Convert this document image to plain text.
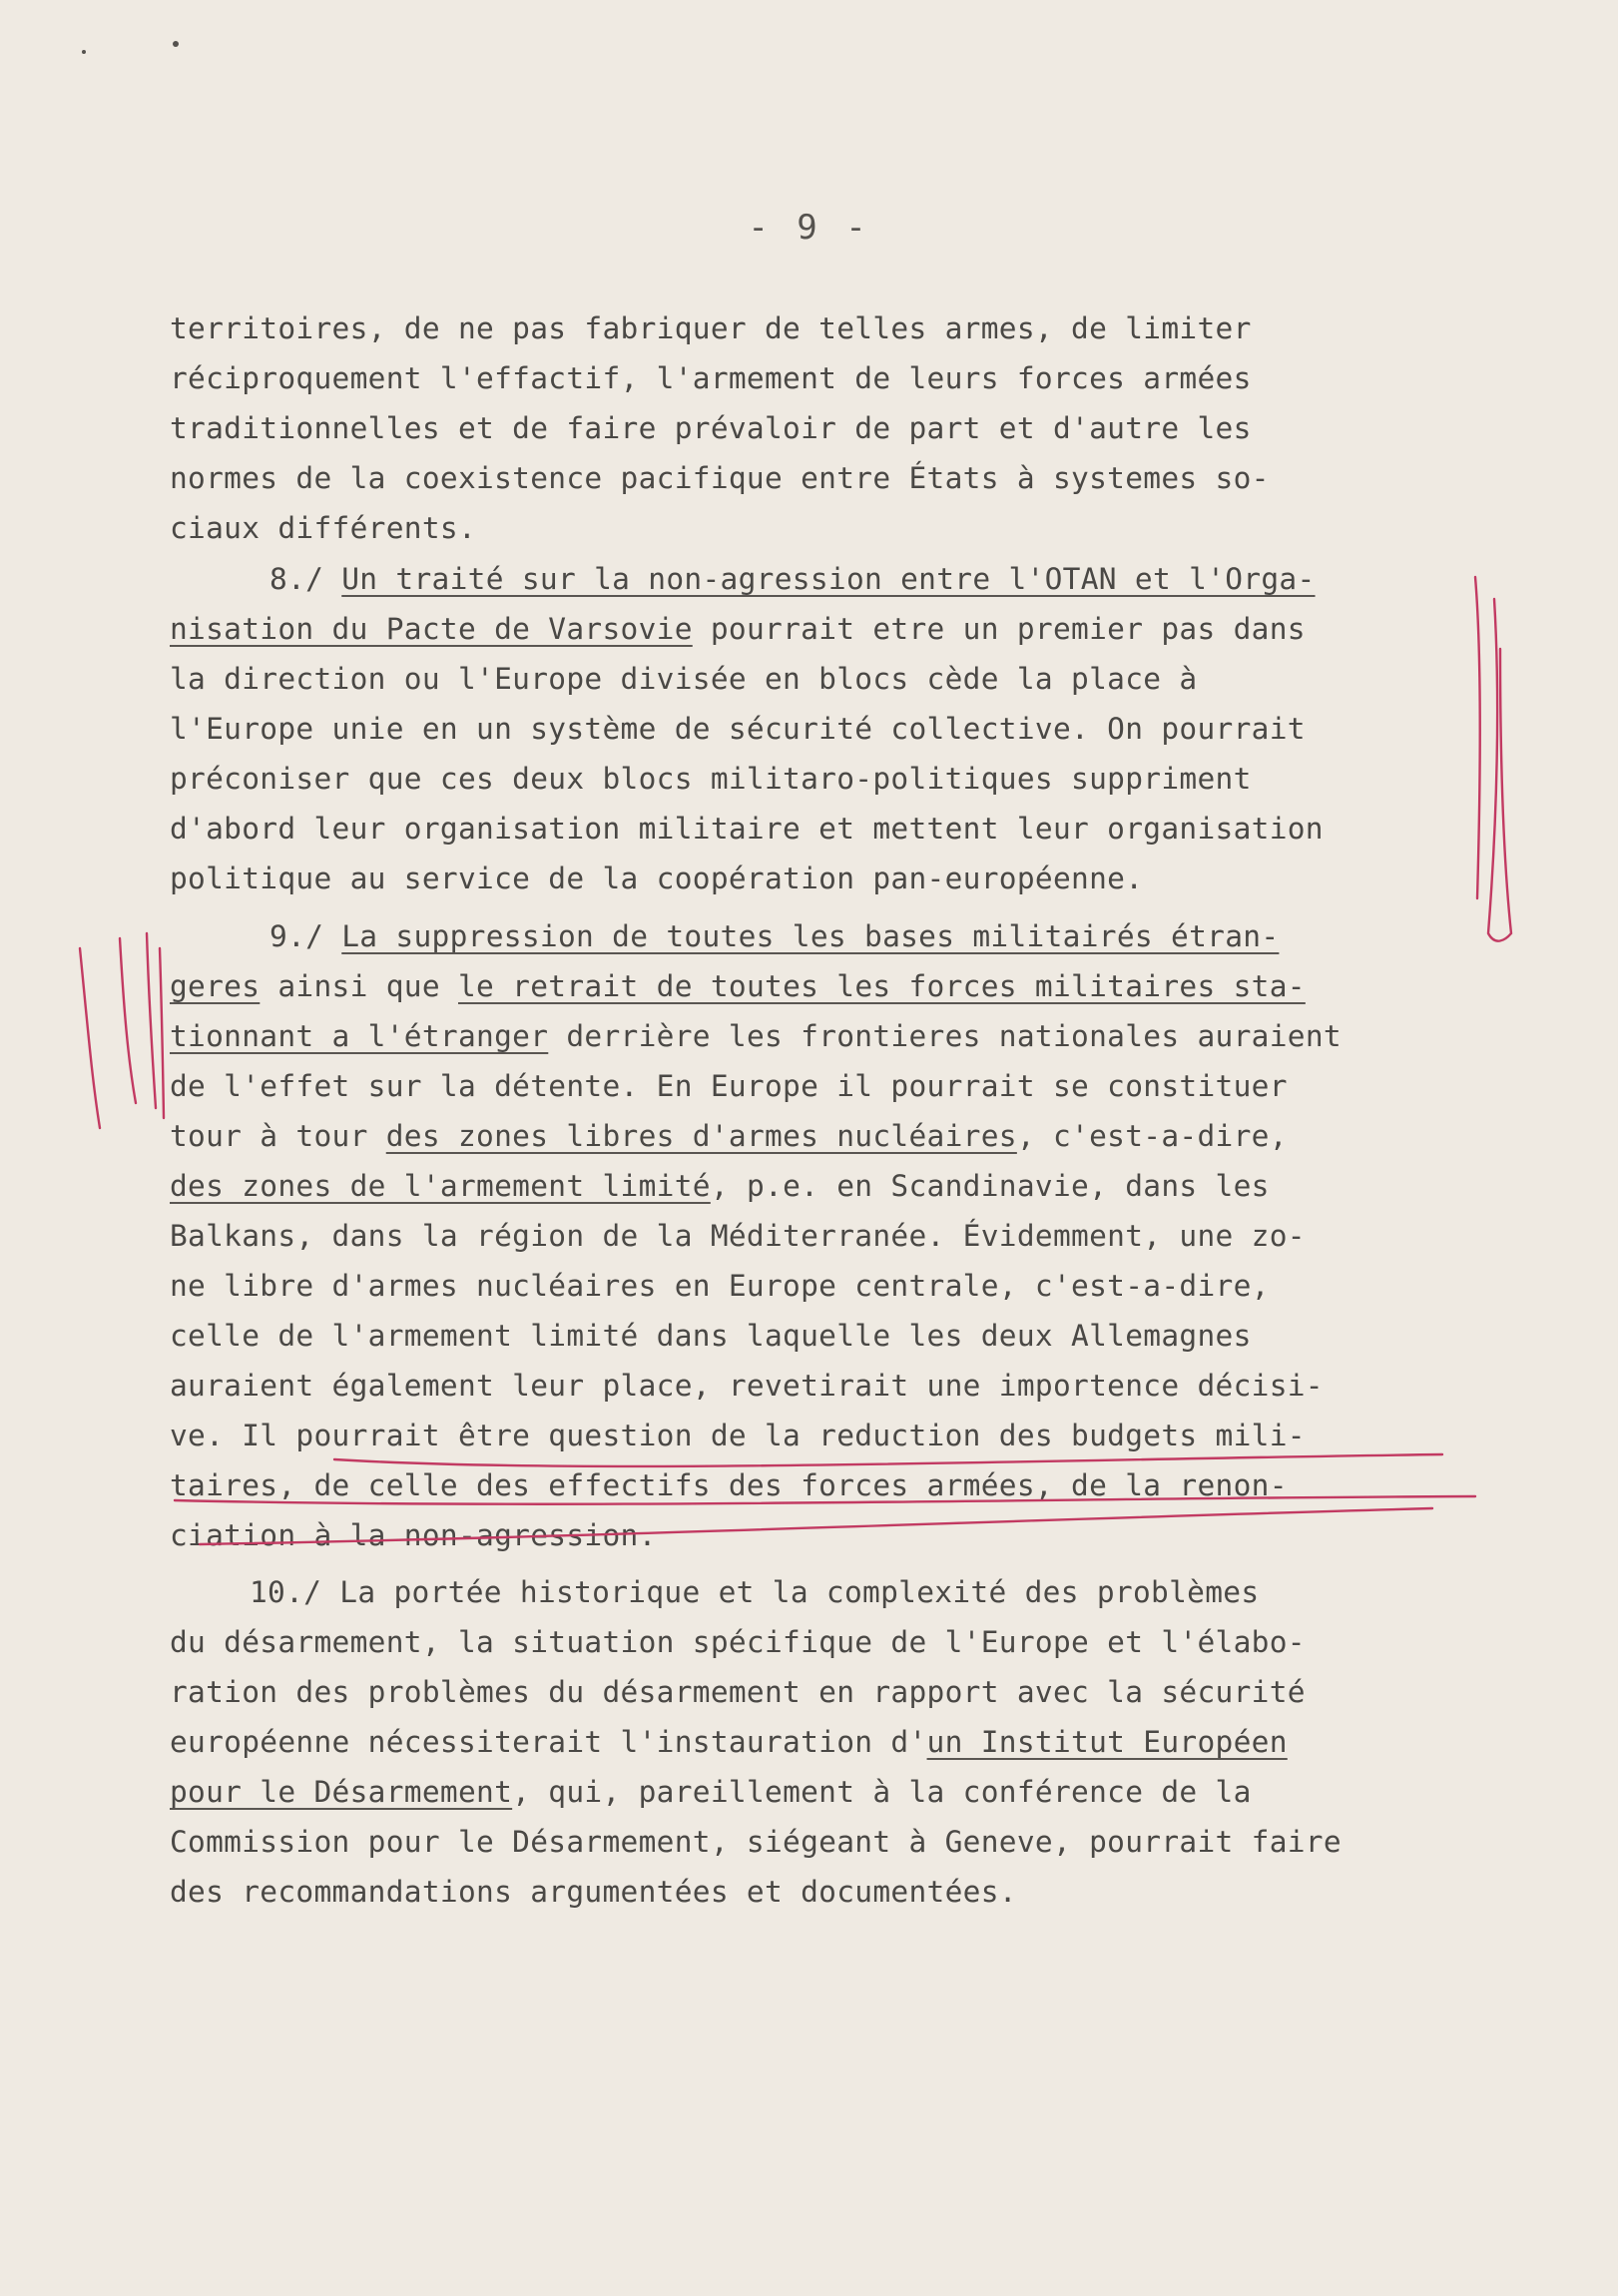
- 9 -
territoires, de ne pas fabriquer de telles armes, de limiter
réciproquement l'effactif, l'armement de leurs forces armées
traditionnelles et de faire prévaloir de part et d'autre les
normes de la coexistence pacifique entre États à systemes so-
ciaux différents.
8./ Un traité sur la non-agression entre l'OTAN et l'Orga-
nisation du Pacte de Varsovie pourrait etre un premier pas dans
la direction ou l'Europe divisée en blocs cède la place à
l'Europe unie en un système de sécurité collective. On pourrait
préconiser que ces deux blocs militaro-politiques suppriment
d'abord leur organisation militaire et mettent leur organisation
politique au service de la coopération pan-européenne.
9./ La suppression de toutes les bases militairés étran-
geres ainsi que le retrait de toutes les forces militaires sta-
tionnant a l'étranger derrière les frontieres nationales auraient
de l'effet sur la détente. En Europe il pourrait se constituer
tour à tour des zones libres d'armes nucléaires, c'est-a-dire,
des zones de l'armement limité, p.e. en Scandinavie, dans les
Balkans, dans la région de la Méditerranée. Évidemment, une zo-
ne libre d'armes nucléaires en Europe centrale, c'est-a-dire,
celle de l'armement limité dans laquelle les deux Allemagnes
auraient également leur place, revetirait une importence décisi-
ve. Il pourrait être question de la reduction des budgets mili-
taires, de celle des effectifs des forces armées, de la renon-
ciation à la non-agression.
10./ La portée historique et la complexité des problèmes
du désarmement, la situation spécifique de l'Europe et l'élabo-
ration des problèmes du désarmement en rapport avec la sécurité
européenne nécessiterait l'instauration d'un Institut Européen
pour le Désarmement, qui, pareillement à la conférence de la
Commission pour le Désarmement, siégeant à Geneve, pourrait faire
des recommandations argumentées et documentées.
